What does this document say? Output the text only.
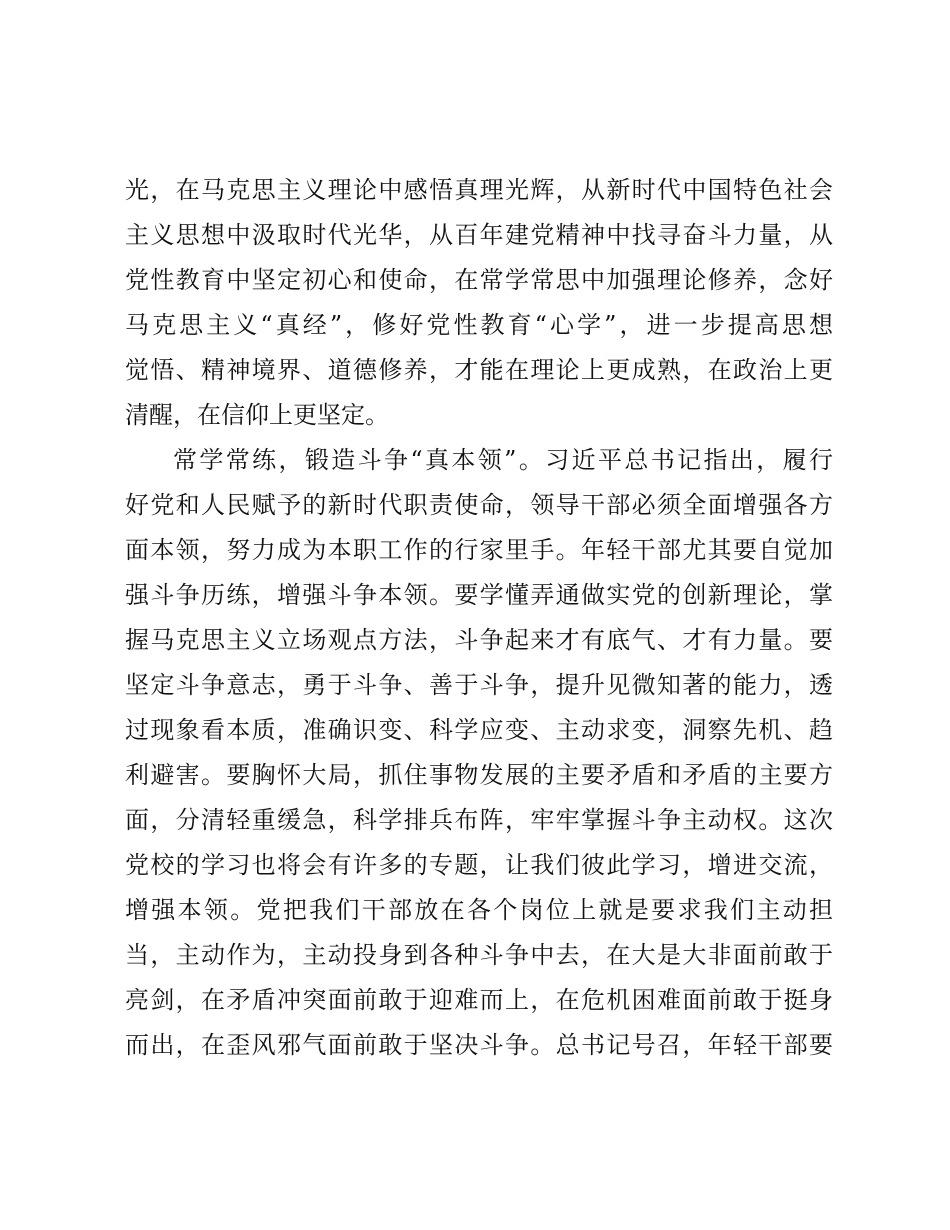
光，在马克思主义理论中感悟真理光辉，从新时代中国特色社会
主义思想中汲取时代光华，从百年建党精神中找寻奋斗力量，从
党性教育中坚定初心和使命，在常学常思中加强理论修养，念好
马克思主义“真经”，修好党性教育“心学”，进一步提高思想
觉悟、精神境界、道德修养，才能在理论上更成熟，在政治上更
清醒，在信仰上更坚定。
常学常练，锻造斗争“真本领”。习近平总书记指出，履行
好党和人民赋予的新时代职责使命，领导干部必须全面增强各方
面本领，努力成为本职工作的行家里手。年轻干部尤其要自觉加
强斗争历练，增强斗争本领。要学懂弄通做实党的创新理论，掌
握马克思主义立场观点方法，斗争起来才有底气、才有力量。要
坚定斗争意志，勇于斗争、善于斗争，提升见微知著的能力，透
过现象看本质，准确识变、科学应变、主动求变，洞察先机、趋
利避害。要胸怀大局，抓住事物发展的主要矛盾和矛盾的主要方
面，分清轻重缓急，科学排兵布阵，牢牢掌握斗争主动权。这次
党校的学习也将会有许多的专题，让我们彼此学习，增进交流，
增强本领。党把我们干部放在各个岗位上就是要求我们主动担
当，主动作为，主动投身到各种斗争中去，在大是大非面前敢于
亮剑，在矛盾冲突面前敢于迎难而上，在危机困难面前敢于挺身
而出，在歪风邪气面前敢于坚决斗争。总书记号召，年轻干部要
